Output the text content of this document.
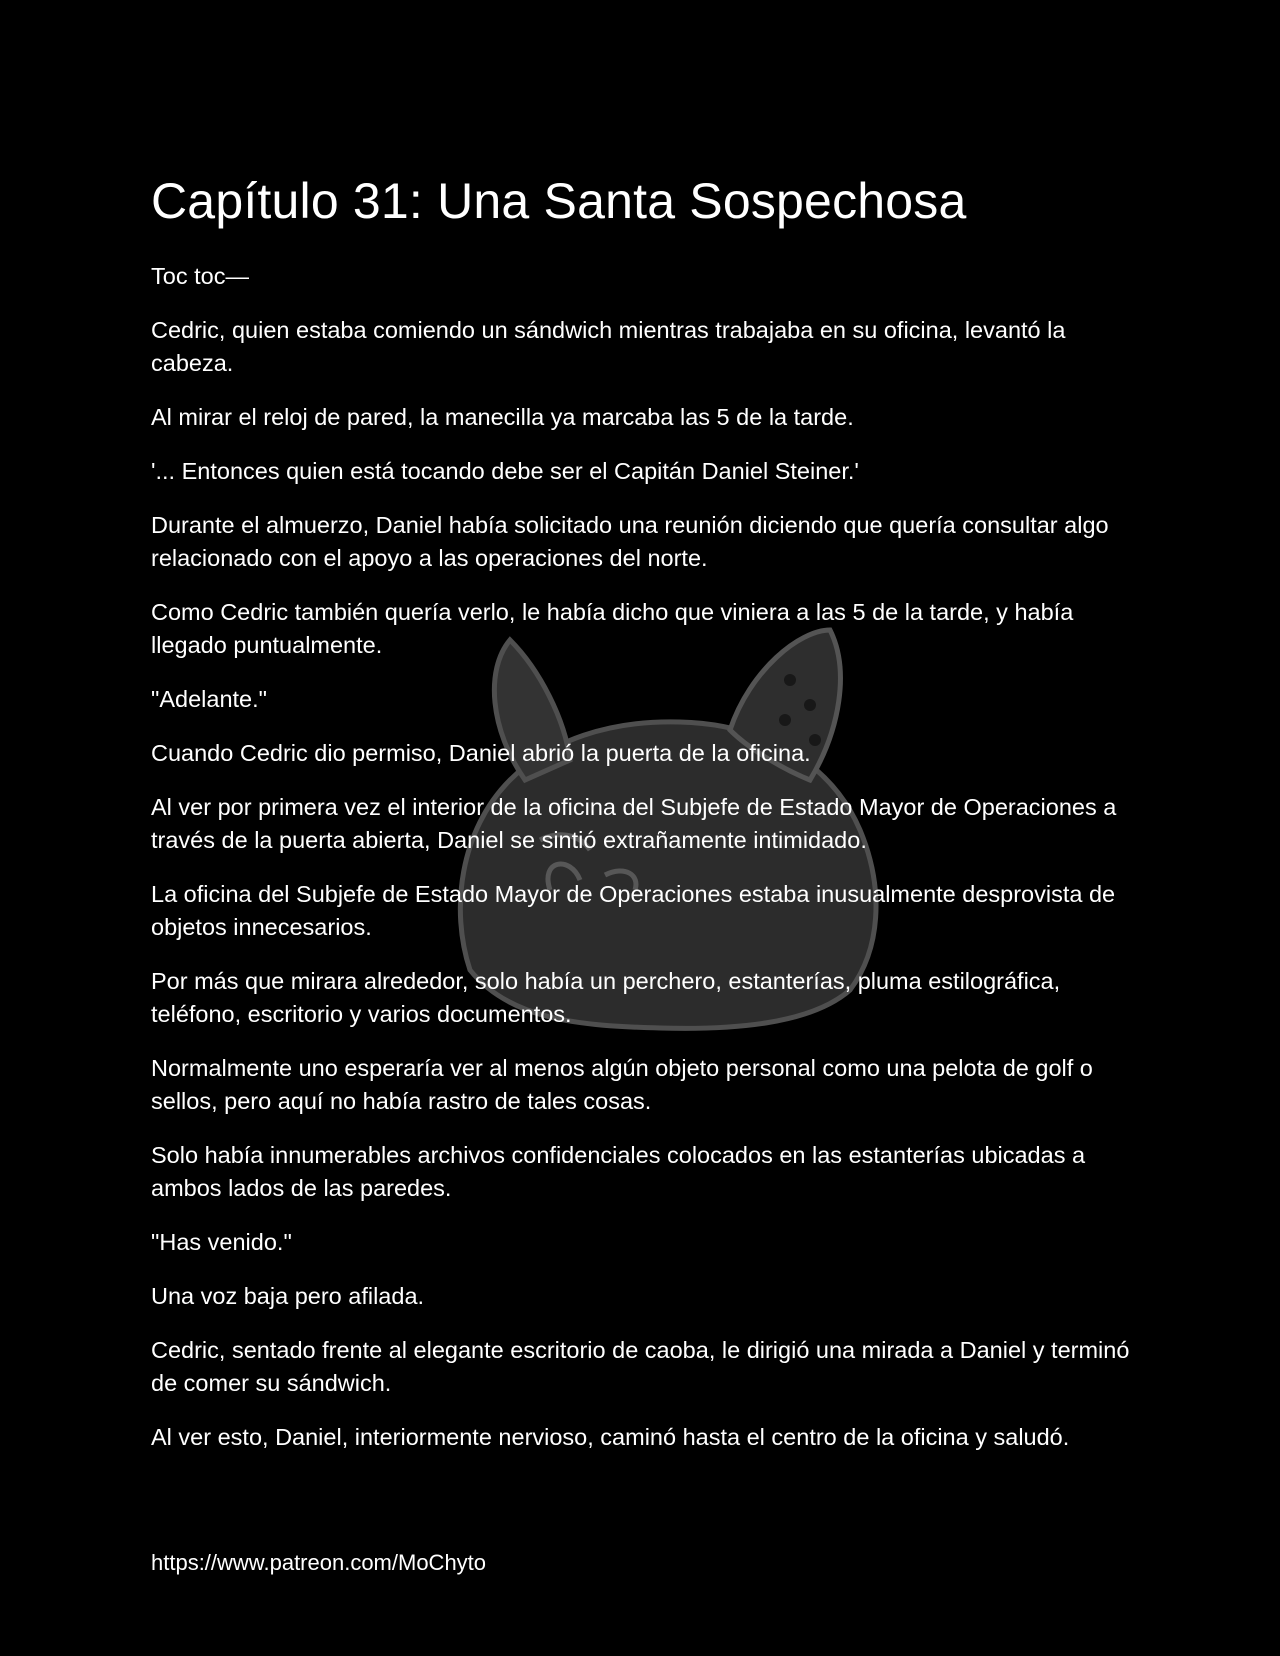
Capítulo 31: Una Santa Sospechosa

Toc toc—

Cedric, quien estaba comiendo un sándwich mientras trabajaba en su oficina, levantó la cabeza.

Al mirar el reloj de pared, la manecilla ya marcaba las 5 de la tarde.

'... Entonces quien está tocando debe ser el Capitán Daniel Steiner.'

Durante el almuerzo, Daniel había solicitado una reunión diciendo que quería consultar algo relacionado con el apoyo a las operaciones del norte.

Como Cedric también quería verlo, le había dicho que viniera a las 5 de la tarde, y había llegado puntualmente.

"Adelante."

Cuando Cedric dio permiso, Daniel abrió la puerta de la oficina.

Al ver por primera vez el interior de la oficina del Subjefe de Estado Mayor de Operaciones a través de la puerta abierta, Daniel se sintió extrañamente intimidado.

La oficina del Subjefe de Estado Mayor de Operaciones estaba inusualmente desprovista de objetos innecesarios.

Por más que mirara alrededor, solo había un perchero, estanterías, pluma estilográfica, teléfono, escritorio y varios documentos.

Normalmente uno esperaría ver al menos algún objeto personal como una pelota de golf o sellos, pero aquí no había rastro de tales cosas.

Solo había innumerables archivos confidenciales colocados en las estanterías ubicadas a ambos lados de las paredes.

"Has venido."

Una voz baja pero afilada.

Cedric, sentado frente al elegante escritorio de caoba, le dirigió una mirada a Daniel y terminó de comer su sándwich.

Al ver esto, Daniel, interiormente nervioso, caminó hasta el centro de la oficina y saludó.

https://www.patreon.com/MoChyto
